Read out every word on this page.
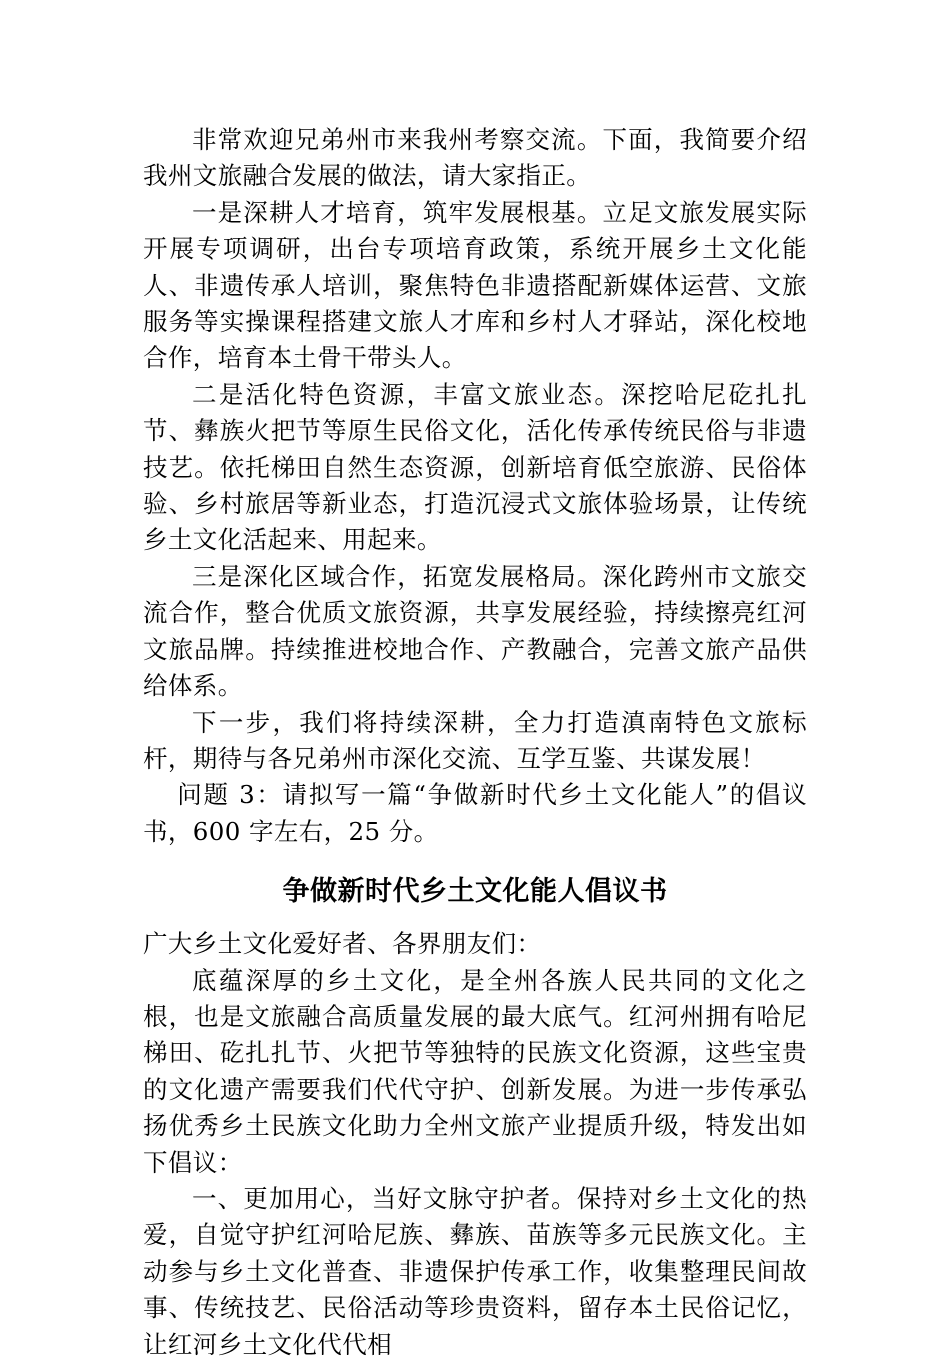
非常欢迎兄弟州市来我州考察交流。下面，我简要介绍我州文旅融合发展的做法，请大家指正。

一是深耕人才培育，筑牢发展根基。立足文旅发展实际开展专项调研，出台专项培育政策，系统开展乡土文化能人、非遗传承人培训，聚焦特色非遗搭配新媒体运营、文旅服务等实操课程搭建文旅人才库和乡村人才驿站，深化校地合作，培育本土骨干带头人。

二是活化特色资源，丰富文旅业态。深挖哈尼矻扎扎节、彝族火把节等原生民俗文化，活化传承传统民俗与非遗技艺。依托梯田自然生态资源，创新培育低空旅游、民俗体验、乡村旅居等新业态，打造沉浸式文旅体验场景，让传统乡土文化活起来、用起来。

三是深化区域合作，拓宽发展格局。深化跨州市文旅交流合作，整合优质文旅资源，共享发展经验，持续擦亮红河文旅品牌。持续推进校地合作、产教融合，完善文旅产品供给体系。

下一步，我们将持续深耕，全力打造滇南特色文旅标杆，期待与各兄弟州市深化交流、互学互鉴、共谋发展！

问题 3：请拟写一篇“争做新时代乡土文化能人”的倡议书，600 字左右，25 分。

争做新时代乡土文化能人倡议书

广大乡土文化爱好者、各界朋友们：

底蕴深厚的乡土文化，是全州各族人民共同的文化之根，也是文旅融合高质量发展的最大底气。红河州拥有哈尼梯田、矻扎扎节、火把节等独特的民族文化资源，这些宝贵的文化遗产需要我们代代守护、创新发展。为进一步传承弘扬优秀乡土民族文化助力全州文旅产业提质升级，特发出如下倡议：

一、更加用心，当好文脉守护者。保持对乡土文化的热爱，自觉守护红河哈尼族、彝族、苗族等多元民族文化。主动参与乡土文化普查、非遗保护传承工作，收集整理民间故事、传统技艺、民俗活动等珍贵资料，留存本土民俗记忆，让红河乡土文化代代相
